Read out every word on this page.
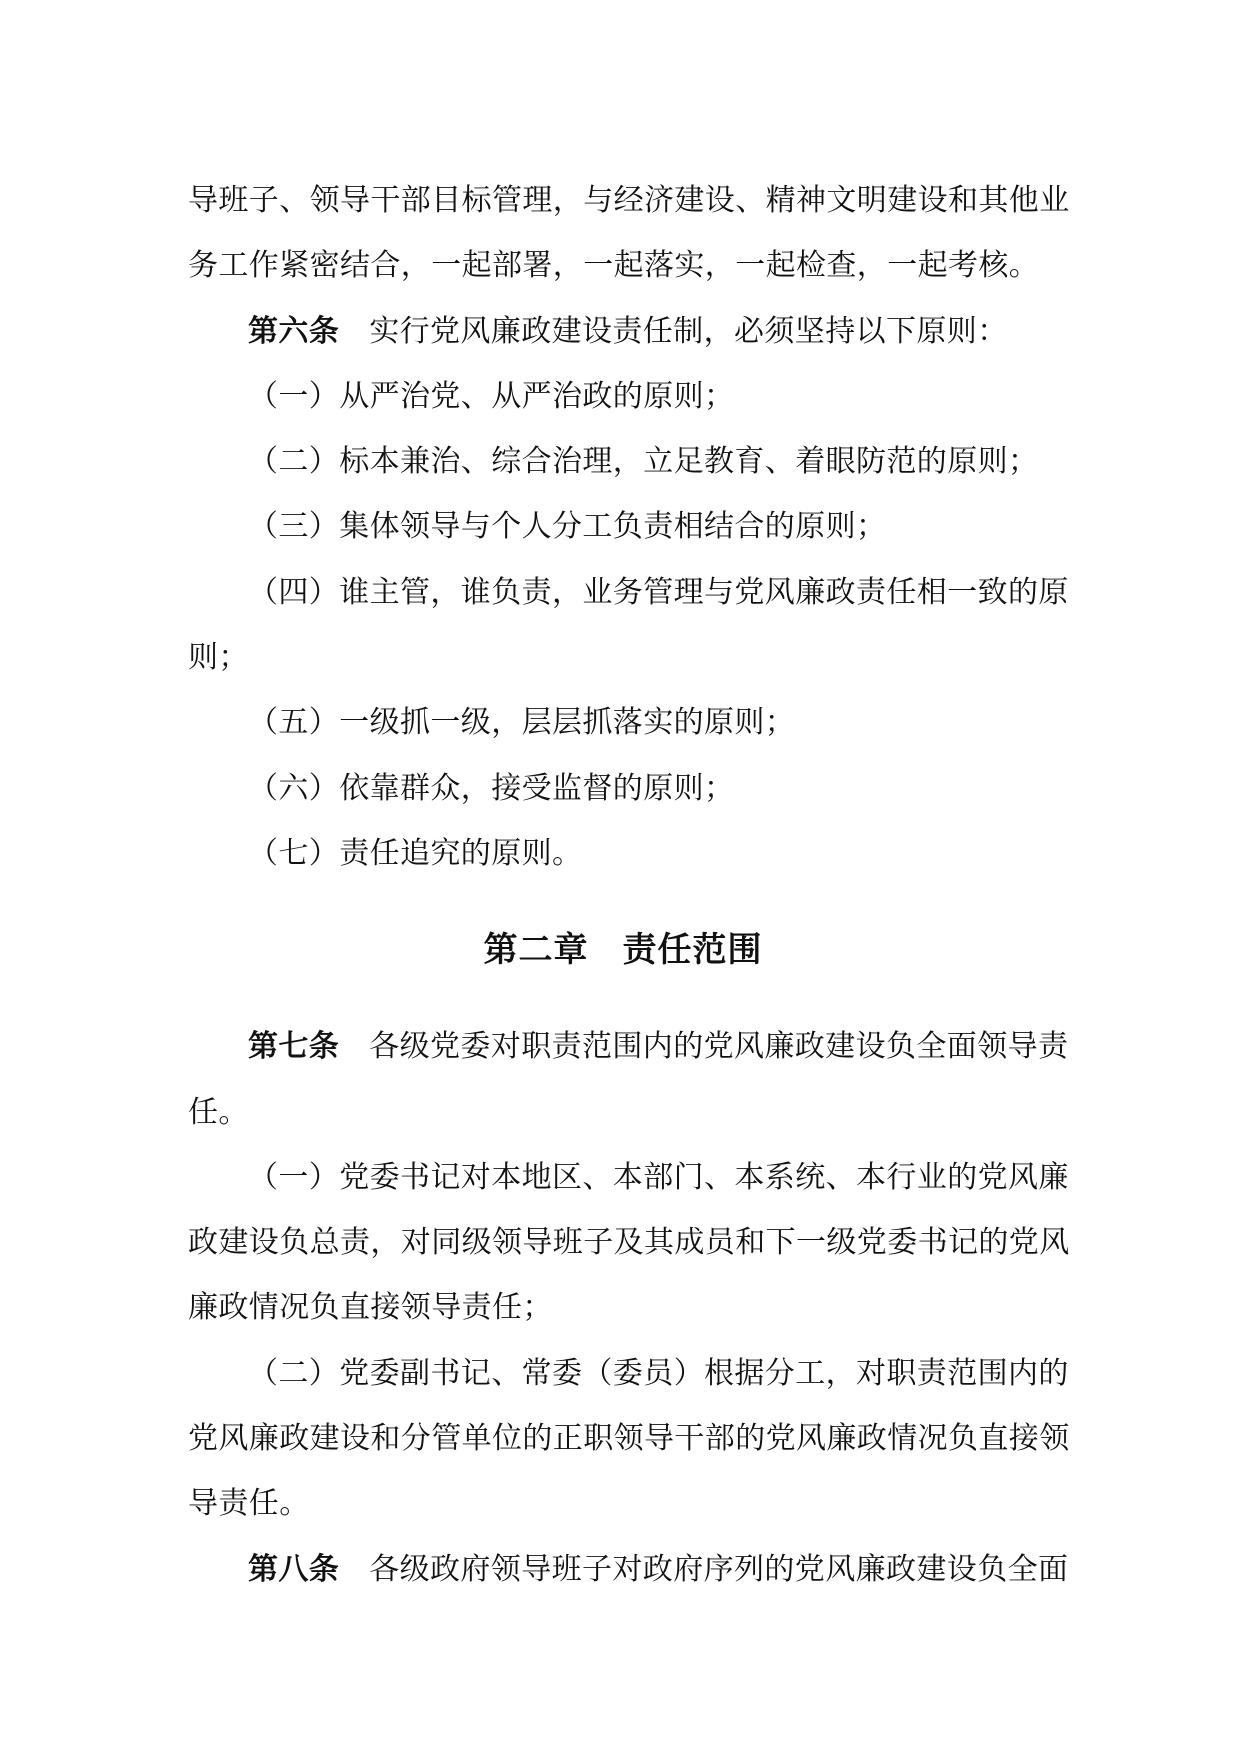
导班子、领导干部目标管理，与经济建设、精神文明建设和其他业
务工作紧密结合，一起部署，一起落实，一起检查，一起考核。
第六条 实行党风廉政建设责任制，必须坚持以下原则：
（一）从严治党、从严治政的原则；
（二）标本兼治、综合治理，立足教育、着眼防范的原则；
（三）集体领导与个人分工负责相结合的原则；
（四）谁主管，谁负责，业务管理与党风廉政责任相一致的原
则；
（五）一级抓一级，层层抓落实的原则；
（六）依靠群众，接受监督的原则；
（七）责任追究的原则。
第二章 责任范围
第七条 各级党委对职责范围内的党风廉政建设负全面领导责
任。
（一）党委书记对本地区、本部门、本系统、本行业的党风廉
政建设负总责，对同级领导班子及其成员和下一级党委书记的党风
廉政情况负直接领导责任；
（二）党委副书记、常委（委员）根据分工，对职责范围内的
党风廉政建设和分管单位的正职领导干部的党风廉政情况负直接领
导责任。
第八条 各级政府领导班子对政府序列的党风廉政建设负全面
